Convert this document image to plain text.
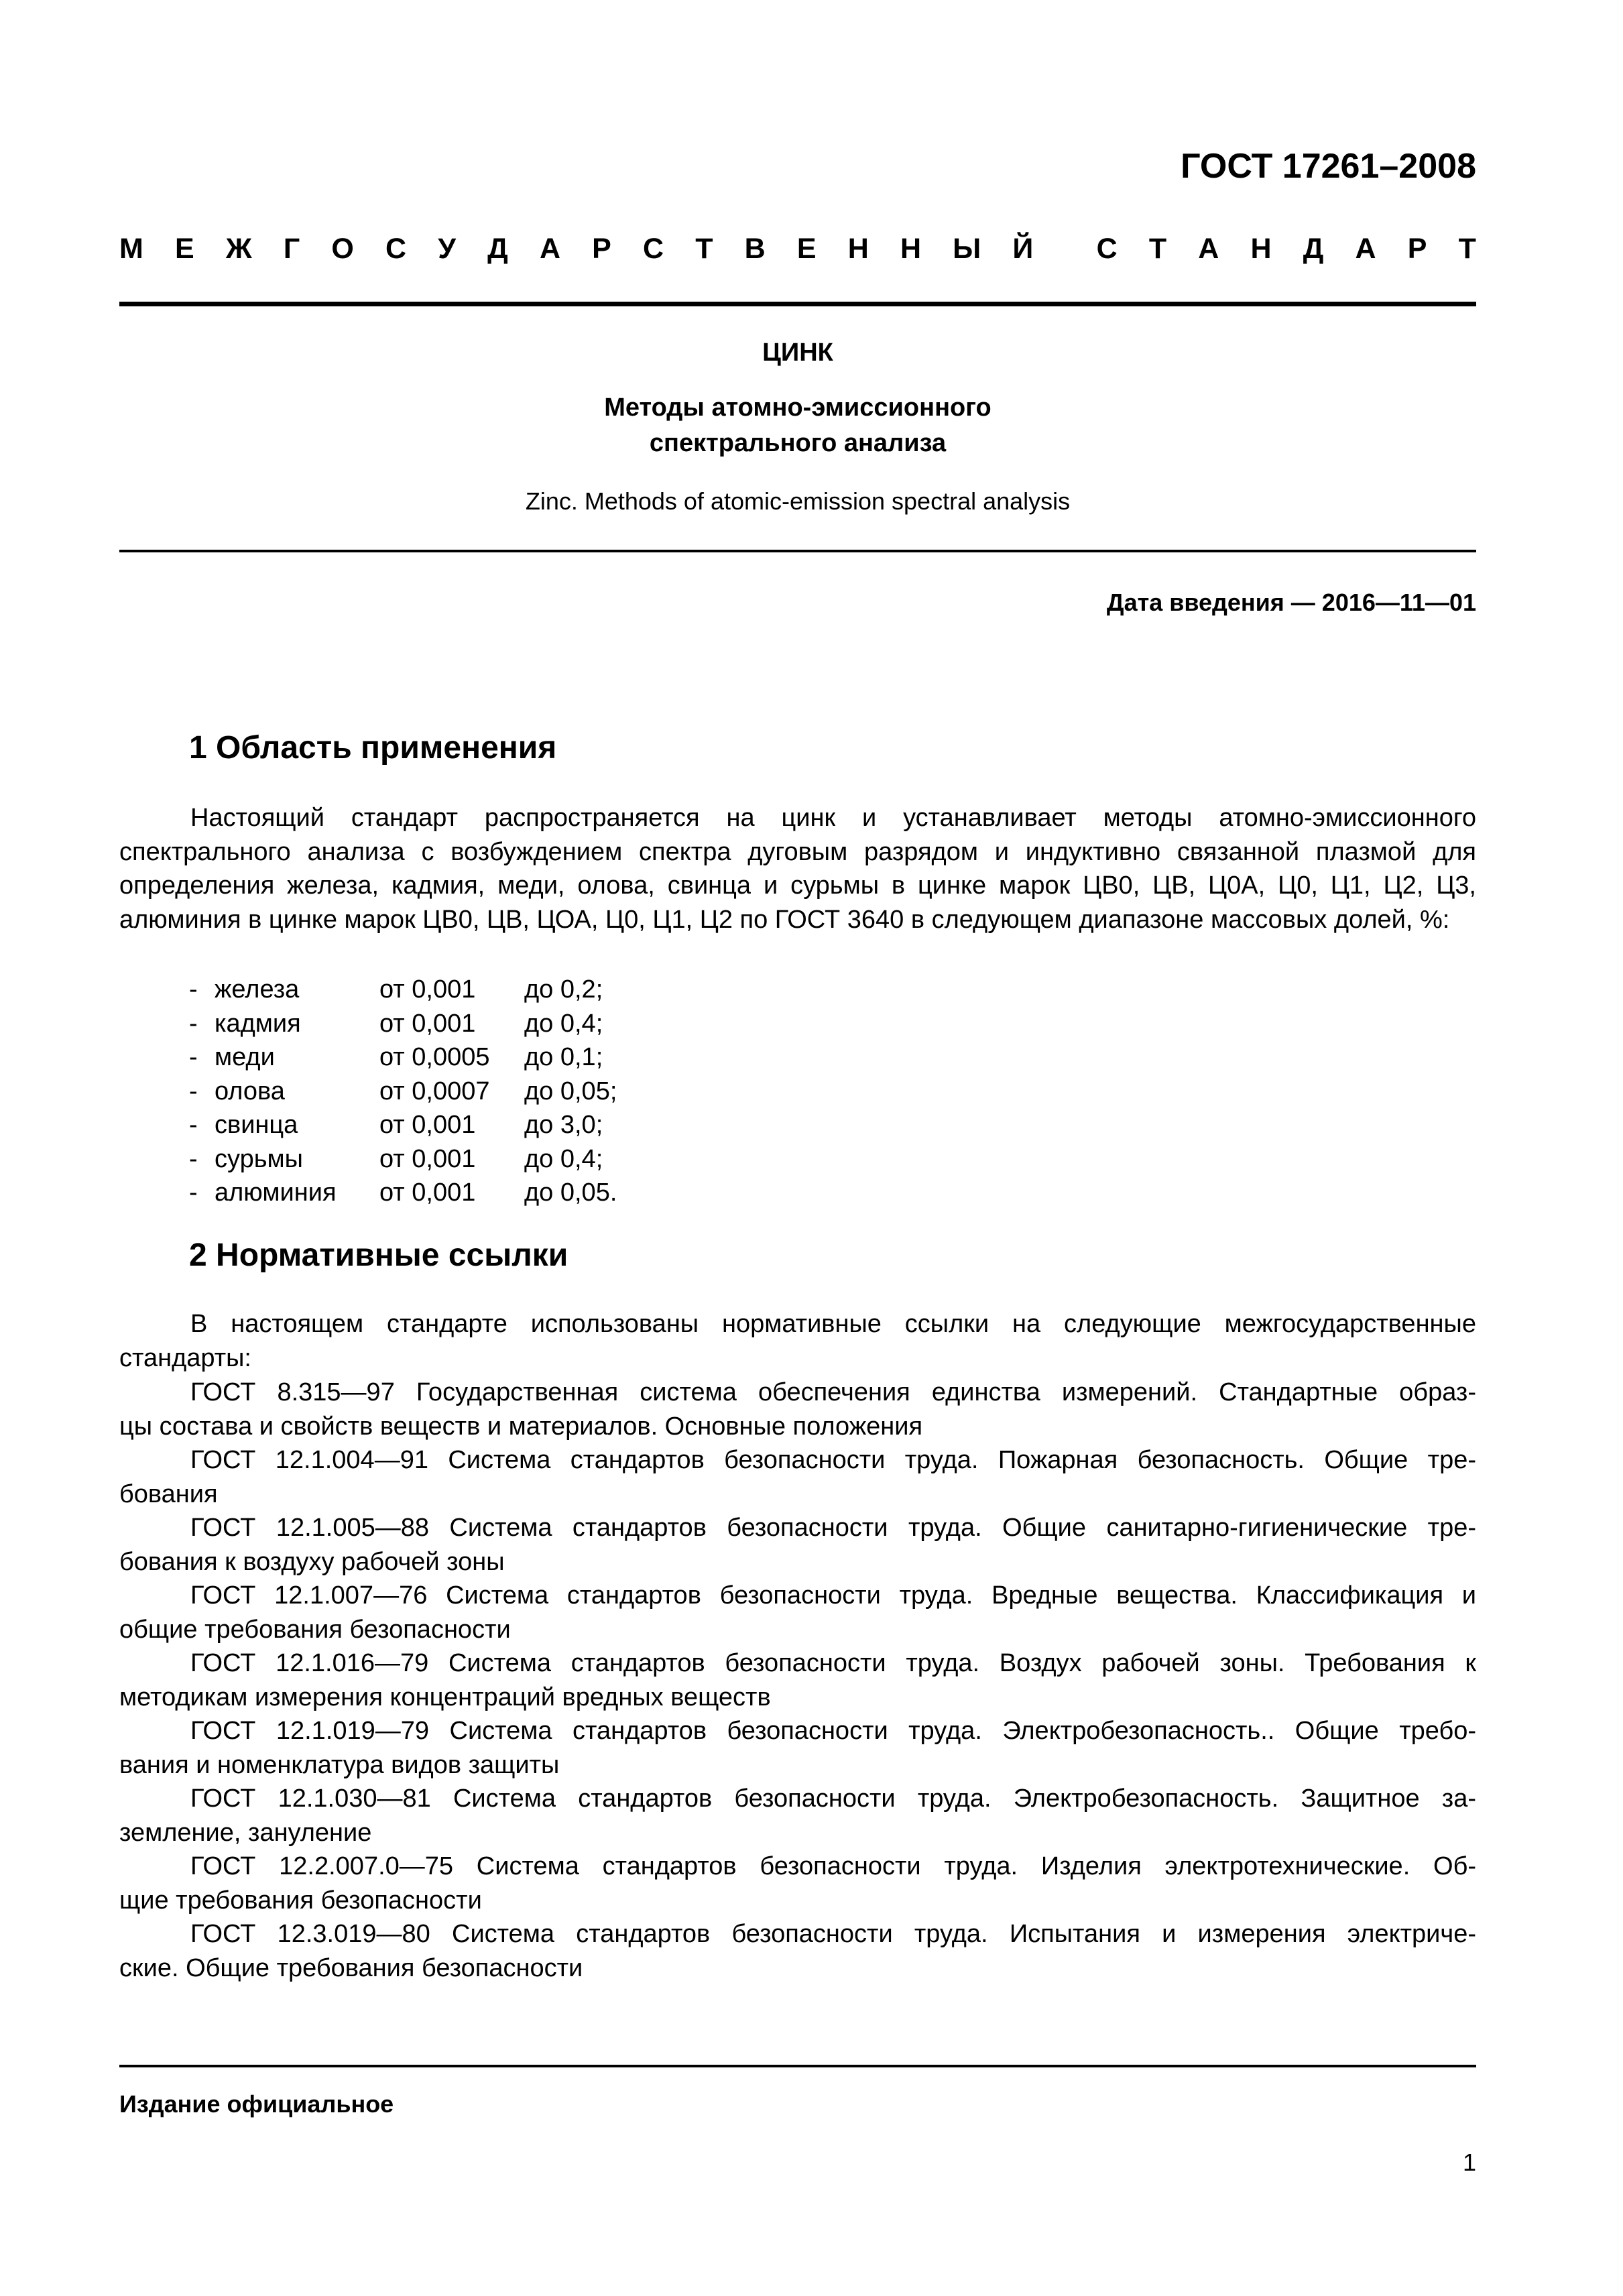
ГОСТ 17261–2008
М Е Ж Г О С У Д А Р С Т В Е Н Н Ы Й С Т А Н Д А Р Т
ЦИНК
Методы атомно-эмиссионного
спектрального анализа
Zinc. Methods of atomic-emission spectral analysis
Дата введения — 2016—11—01
1 Область применения
Настоящий стандарт распространяется на цинк и устанавливает методы атомно-эмиссионного спектрального анализа с возбуждением спектра дуговым разрядом и индуктивно связанной плазмой для определения железа, кадмия, меди, олова, свинца и сурьмы в цинке марок ЦВ0, ЦВ, Ц0А, Ц0, Ц1, Ц2, Ц3, алюминия в цинке марок ЦВ0, ЦВ, ЦОА, Ц0, Ц1, Ц2 по ГОСТ 3640 в следующем диапазоне массовых долей, %:
- железа	от 0,001	до 0,2;
- кадмия	от 0,001	до 0,4;
- меди	от 0,0005	до 0,1;
- олова	от 0,0007	до 0,05;
- свинца	от 0,001	до 3,0;
- сурьмы	от 0,001	до 0,4;
- алюминия	от 0,001	до 0,05.
2 Нормативные ссылки
В настоящем стандарте использованы нормативные ссылки на следующие межгосударственные стандарты:
ГОСТ 8.315—97 Государственная система обеспечения единства измерений. Стандартные образ-
цы состава и свойств веществ и материалов. Основные положения
ГОСТ 12.1.004—91 Система стандартов безопасности труда. Пожарная безопасность. Общие тре-
бования
ГОСТ 12.1.005—88 Система стандартов безопасности труда. Общие санитарно-гигиенические тре-
бования к воздуху рабочей зоны
ГОСТ 12.1.007—76 Система стандартов безопасности труда. Вредные вещества. Классификация и
общие требования безопасности
ГОСТ 12.1.016—79 Система стандартов безопасности труда. Воздух рабочей зоны. Требования к
методикам измерения концентраций вредных веществ
ГОСТ 12.1.019—79 Система стандартов безопасности труда. Электробезопасность.. Общие требо-
вания и номенклатура видов защиты
ГОСТ 12.1.030—81 Система стандартов безопасности труда. Электробезопасность. Защитное за-
земление, зануление
ГОСТ 12.2.007.0—75 Система стандартов безопасности труда. Изделия электротехнические. Об-
щие требования безопасности
ГОСТ 12.3.019—80 Система стандартов безопасности труда. Испытания и измерения электриче-
ские. Общие требования безопасности
Издание официальное
1
